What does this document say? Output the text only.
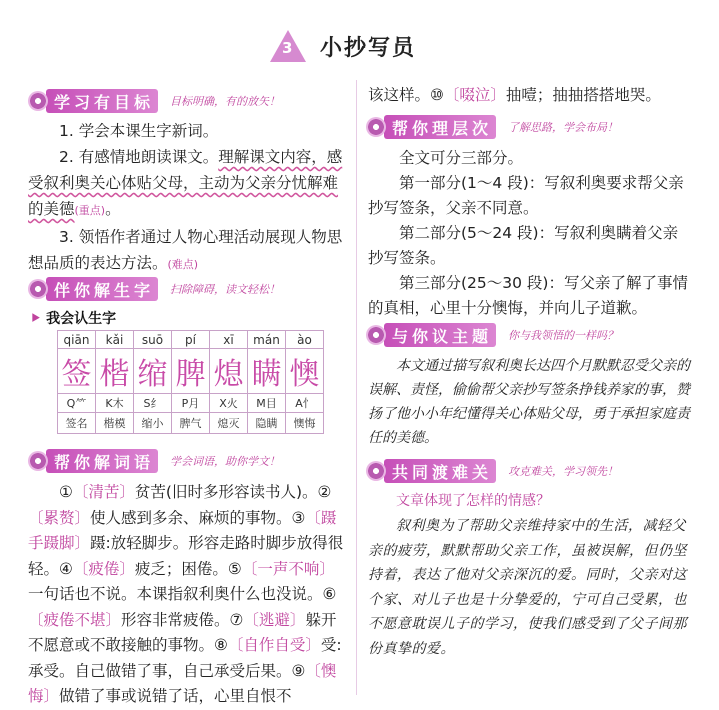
3 小抄写员
学习有目标	目标明确，有的放矢！
1. 学会本课生字新词。
2. 有感情地朗读课文。理解课文内容，感受叙利奥关心体贴父母，主动为父亲分忧解难的美德(重点)。
3. 领悟作者通过人物心理活动展现人物思想品质的表达方法。(难点)
伴你解生字	扫除障碍，读文轻松！
⯈ 我会认生字
qiān	kǎi	suō	pí	xī	mán	ào
签	楷	缩	脾	熄	瞒	懊
Q⺮	K木	S纟	P月	X火	M目	A忄
签名	楷模	缩小	脾气	熄灭	隐瞒	懊悔
帮你解词语	学会词语，助你学文！
①〔清苦〕贫苦(旧时多形容读书人)。②〔累赘〕使人感到多余、麻烦的事物。③〔蹑手蹑脚〕蹑:放轻脚步。形容走路时脚步放得很轻。④〔疲倦〕疲乏；困倦。⑤〔一声不响〕一句话也不说。本课指叙利奥什么也没说。⑥〔疲倦不堪〕形容非常疲倦。⑦〔逃避〕躲开不愿意或不敢接触的事物。⑧〔自作自受〕受:承受。自己做错了事，自己承受后果。⑨〔懊悔〕做错了事或说错了话，心里自恨不
该这样。⑩〔啜泣〕抽噎；抽抽搭搭地哭。
帮你理层次	了解思路，学会布局！
全文可分三部分。
第一部分(1～4 段)：写叙利奥要求帮父亲抄写签条，父亲不同意。
第二部分(5～24 段)：写叙利奥瞒着父亲抄写签条。
第三部分(25～30 段)：写父亲了解了事情的真相，心里十分懊悔，并向儿子道歉。
与你议主题	你与我领悟的一样吗？
本文通过描写叙利奥长达四个月默默忍受父亲的误解、责怪，偷偷帮父亲抄写签条挣钱养家的事，赞扬了他小小年纪懂得关心体贴父母，勇于承担家庭责任的美德。
共同渡难关	攻克难关，学习领先！
文章体现了怎样的情感？
叙利奥为了帮助父亲维持家中的生活，减轻父亲的疲劳，默默帮助父亲工作，虽被误解，但仍坚持着，表达了他对父亲深沉的爱。同时，父亲对这个家、对儿子也是十分挚爱的，宁可自己受累，也不愿意耽误儿子的学习，使我们感受到了父子间那份真挚的爱。
